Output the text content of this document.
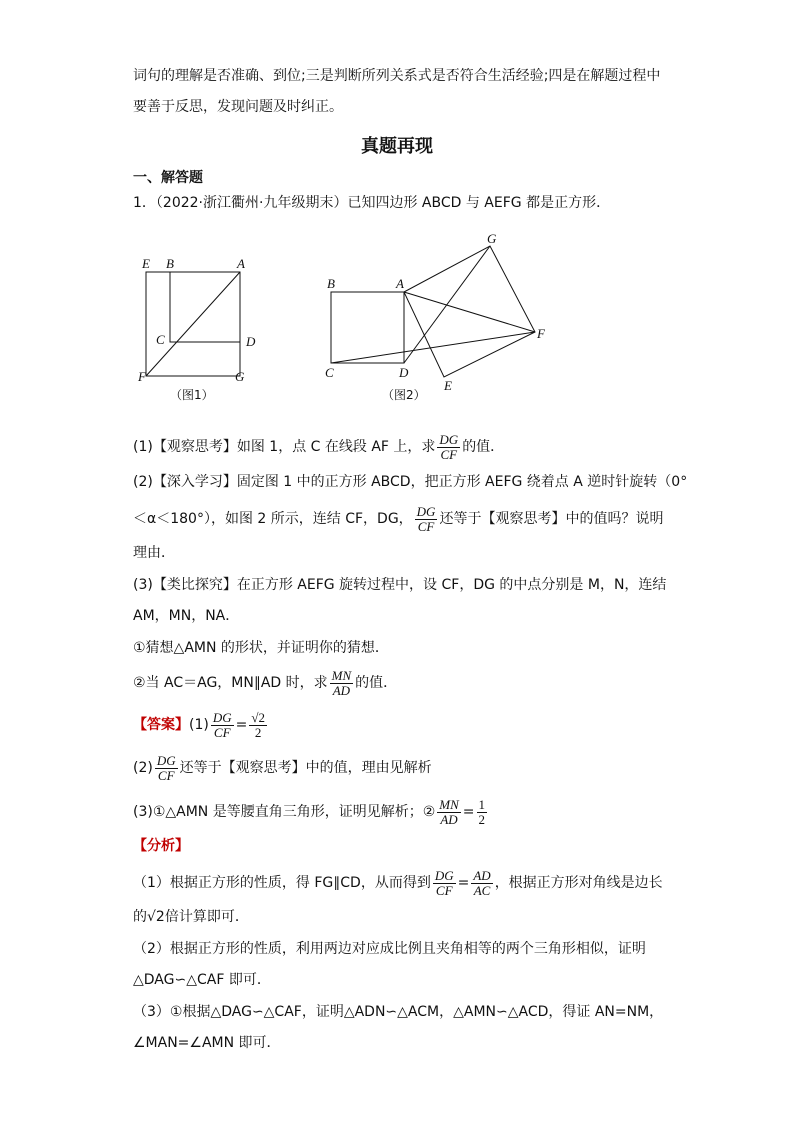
词句的理解是否准确、到位;三是判断所列关系式是否符合生活经验;四是在解题过程中
要善于反思，发现问题及时纠正。
真题再现
一、解答题
1．（2022·浙江衢州·九年级期末）已知四边形 ABCD 与 AEFG 都是正方形．
E B	A
C	D
F	G
（图1）
G
B	A
F
C	D
E
（图2）
(1)【观察思考】如图 1，点 C 在线段 AF 上，求 $\frac{DG}{CF}$ 的值．
(2)【深入学习】固定图 1 中的正方形 ABCD，把正方形 AEFG 绕着点 A 逆时针旋转（0°
＜α＜180°），如图 2 所示，连结 CF，DG， $\frac{DG}{CF}$ 还等于【观察思考】中的值吗？说明
理由．
(3)【类比探究】在正方形 AEFG 旋转过程中，设 CF，DG 的中点分别是 M，N，连结
AM，MN，NA．
①猜想△AMN 的形状，并证明你的猜想．
②当 AC＝AG，MN∥AD 时，求 $\frac{MN}{AD}$ 的值．
【答案】$(1) \frac{DG}{CF} = \frac{√2}{2}$
$(2) \frac{DG}{CF}$ 还等于【观察思考】中的值，理由见解析
(3)①△AMN 是等腰直角三角形，证明见解析；② $\frac{MN}{AD} = \frac{1}{2}$
【分析】
（1）根据正方形的性质，得 FG∥CD，从而得到 $\frac{DG}{CF} = \frac{AD}{AC}$ ，根据正方形对角线是边长
的√2倍计算即可．
（2）根据正方形的性质，利用两边对应成比例且夹角相等的两个三角形相似，证明
△DAG∽△CAF 即可．
（3）①根据△DAG∽△CAF，证明△ADN∽△ACM，△AMN∽△ACD，得证 AN=NM，
∠MAN=∠AMN 即可．
